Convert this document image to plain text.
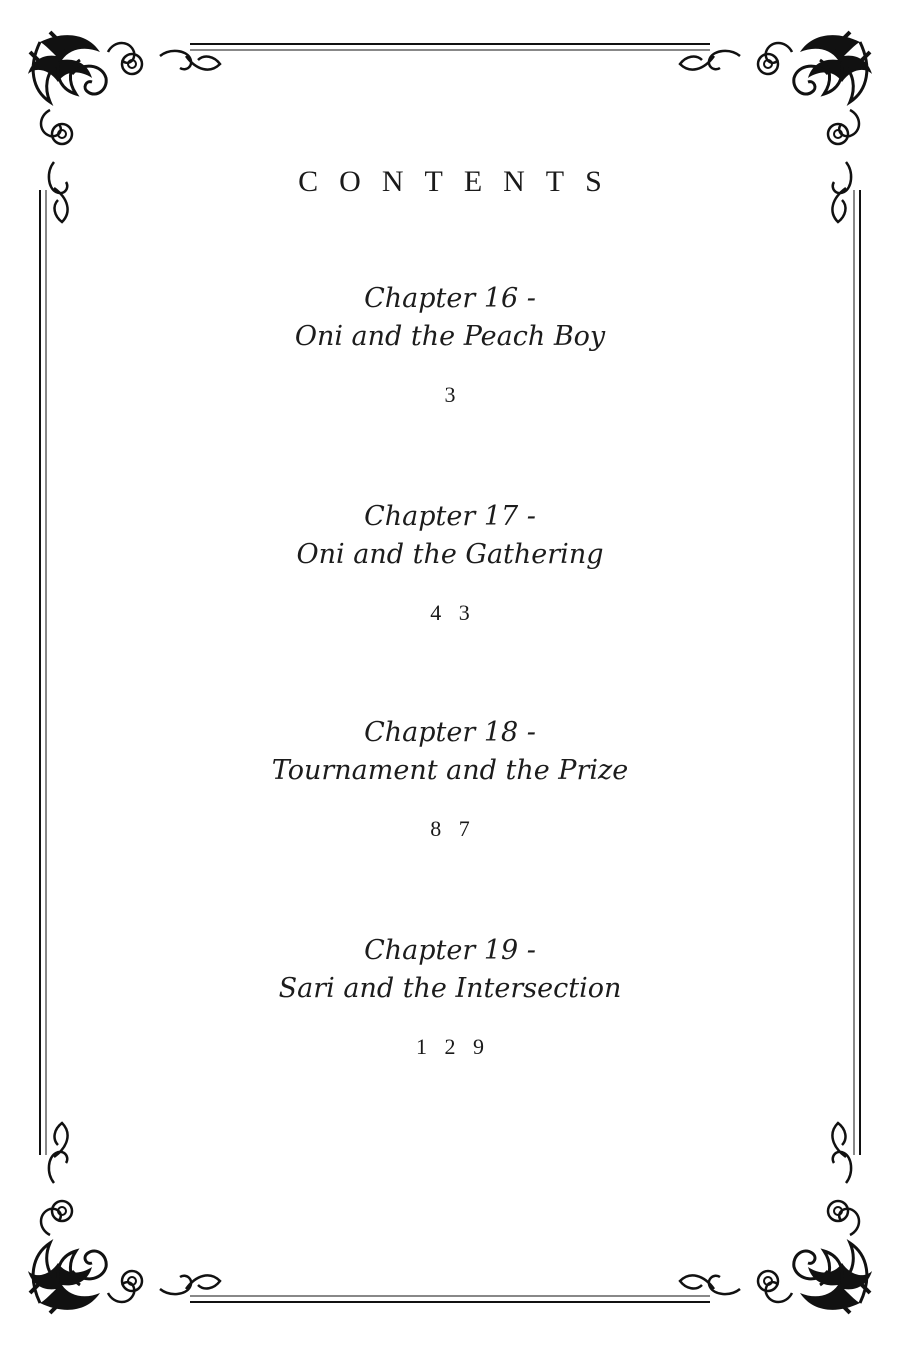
CONTENTS
Chapter 16 -
Oni and the Peach Boy
3
Chapter 17 -
Oni and the Gathering
4 3
Chapter 18 -
Tournament and the Prize
8 7
Chapter 19 -
Sari and the Intersection
1 2 9
